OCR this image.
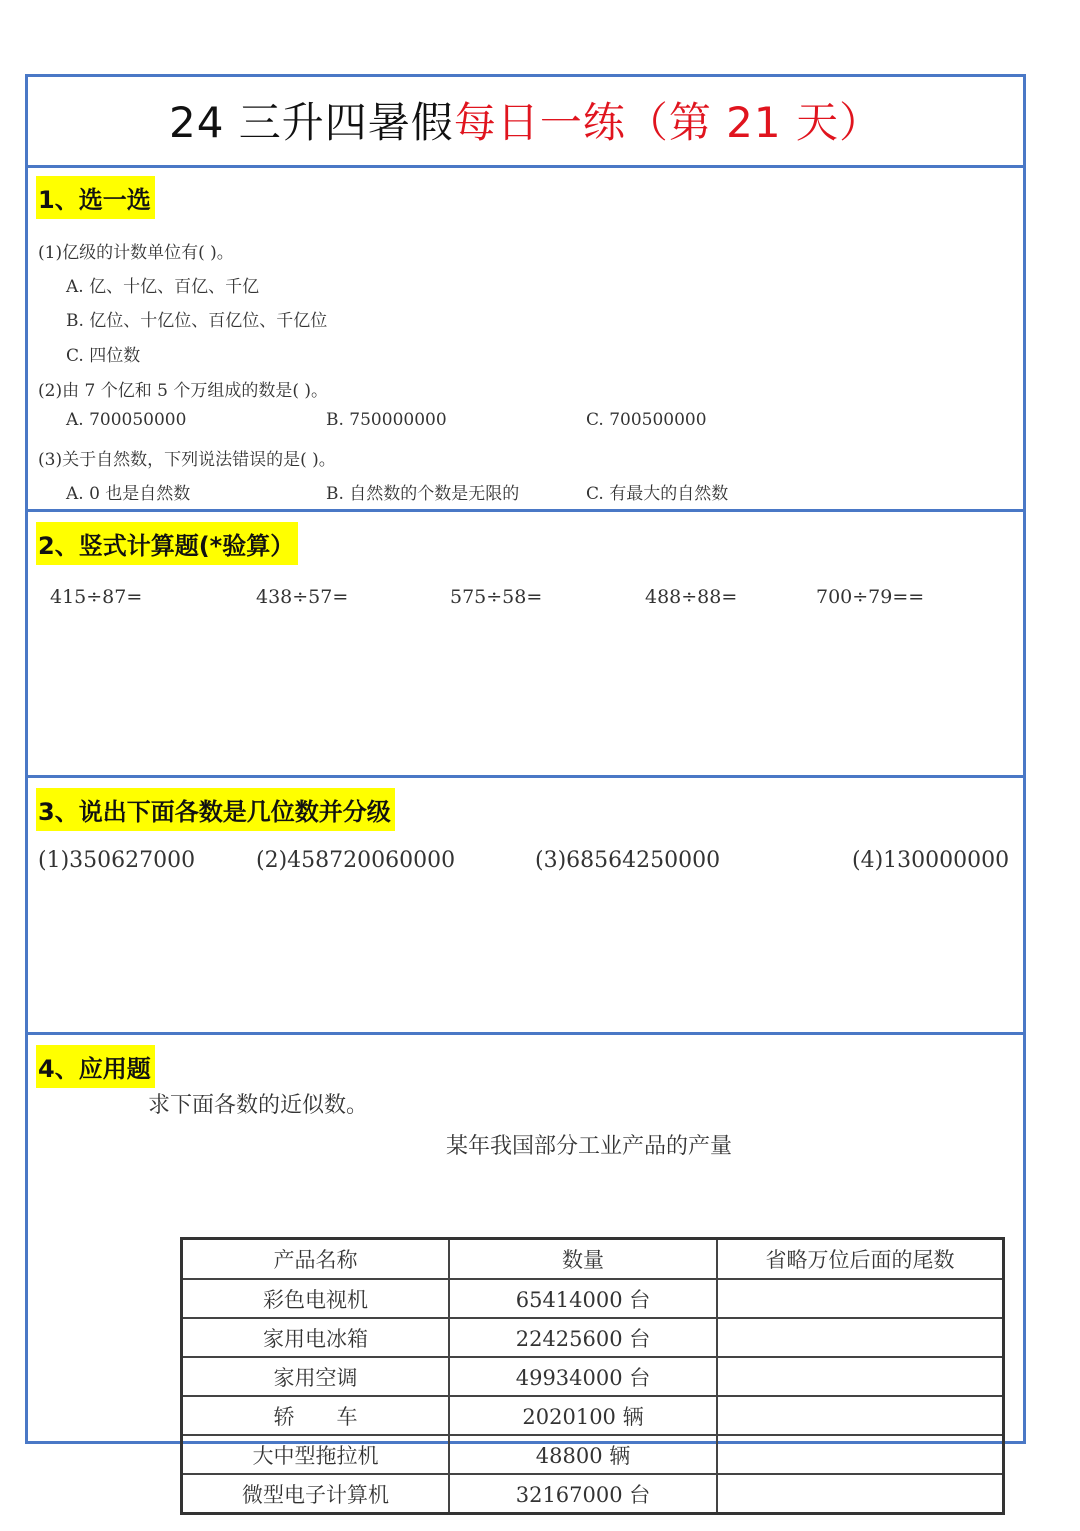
24 三升四暑假每日一练（第 21 天）
1、选一选
(1)亿级的计数单位有( )。
A. 亿、十亿、百亿、千亿
B. 亿位、十亿位、百亿位、千亿位
C. 四位数
(2)由 7 个亿和 5 个万组成的数是( )。
A. 700050000	B. 750000000	C. 700500000
(3)关于自然数，下列说法错误的是( )。
A. 0 也是自然数	B. 自然数的个数是无限的	C. 有最大的自然数
2、竖式计算题(*验算）
415÷87=	438÷57=	575÷58=	488÷88=	700÷79==
3、说出下面各数是几位数并分级
(1)350627000	(2)458720060000	(3)68564250000	(4)130000000
4、应用题
求下面各数的近似数。
某年我国部分工业产品的产量
产品名称	数量	省略万位后面的尾数
彩色电视机	65414000 台	
家用电冰箱	22425600 台	
家用空调	49934000 台	
轿　　车	2020100 辆	
大中型拖拉机	48800 辆	
微型电子计算机	32167000 台	
